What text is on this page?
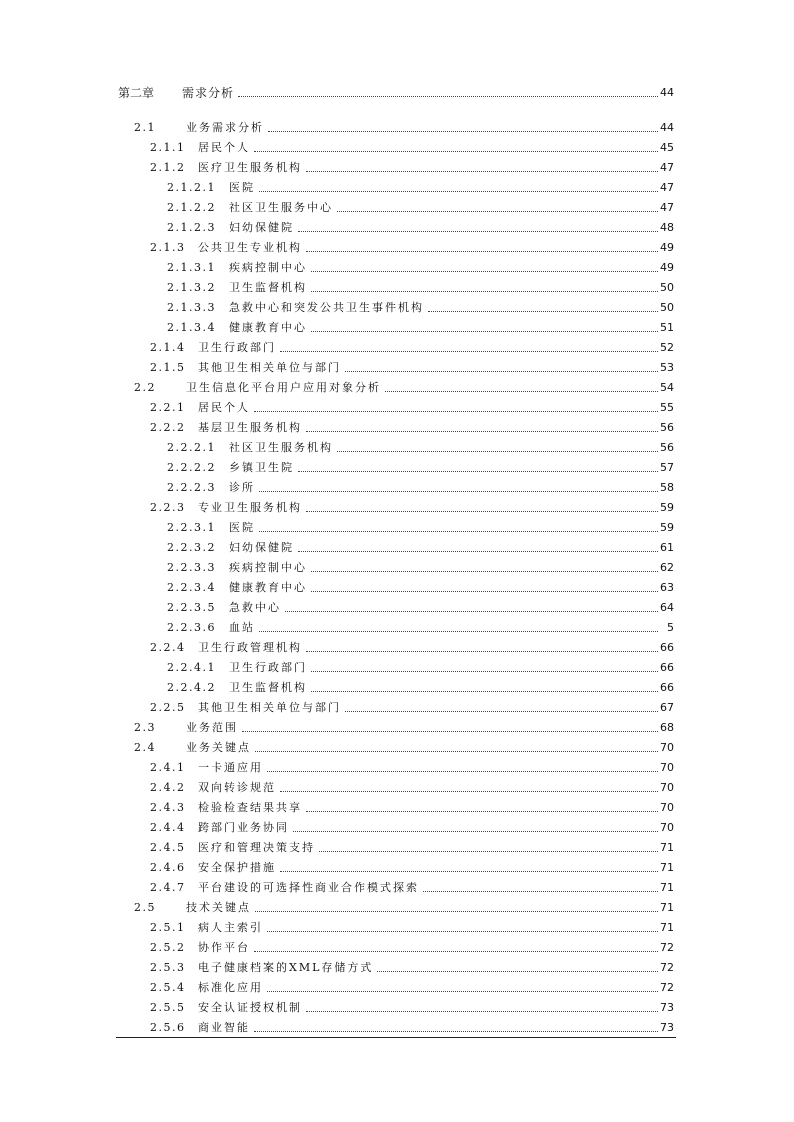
第二章	需求分析	44
2.1	业务需求分析	44
2.1.1	居民个人	45
2.1.2	医疗卫生服务机构	47
2.1.2.1	医院	47
2.1.2.2	社区卫生服务中心	47
2.1.2.3	妇幼保健院	48
2.1.3	公共卫生专业机构	49
2.1.3.1	疾病控制中心	49
2.1.3.2	卫生监督机构	50
2.1.3.3	急救中心和突发公共卫生事件机构	50
2.1.3.4	健康教育中心	51
2.1.4	卫生行政部门	52
2.1.5	其他卫生相关单位与部门	53
2.2	卫生信息化平台用户应用对象分析	54
2.2.1	居民个人	55
2.2.2	基层卫生服务机构	56
2.2.2.1	社区卫生服务机构	56
2.2.2.2	乡镇卫生院	57
2.2.2.3	诊所	58
2.2.3	专业卫生服务机构	59
2.2.3.1	医院	59
2.2.3.2	妇幼保健院	61
2.2.3.3	疾病控制中心	62
2.2.3.4	健康教育中心	63
2.2.3.5	急救中心	64
2.2.3.6	血站	5
2.2.4	卫生行政管理机构	66
2.2.4.1	卫生行政部门	66
2.2.4.2	卫生监督机构	66
2.2.5	其他卫生相关单位与部门	67
2.3	业务范围	68
2.4	业务关键点	70
2.4.1	一卡通应用	70
2.4.2	双向转诊规范	70
2.4.3	检验检查结果共享	70
2.4.4	跨部门业务协同	70
2.4.5	医疗和管理决策支持	71
2.4.6	安全保护措施	71
2.4.7	平台建设的可选择性商业合作模式探索	71
2.5	技术关键点	71
2.5.1	病人主索引	71
2.5.2	协作平台	72
2.5.3	电子健康档案的XML存储方式	72
2.5.4	标准化应用	72
2.5.5	安全认证授权机制	73
2.5.6	商业智能	73
